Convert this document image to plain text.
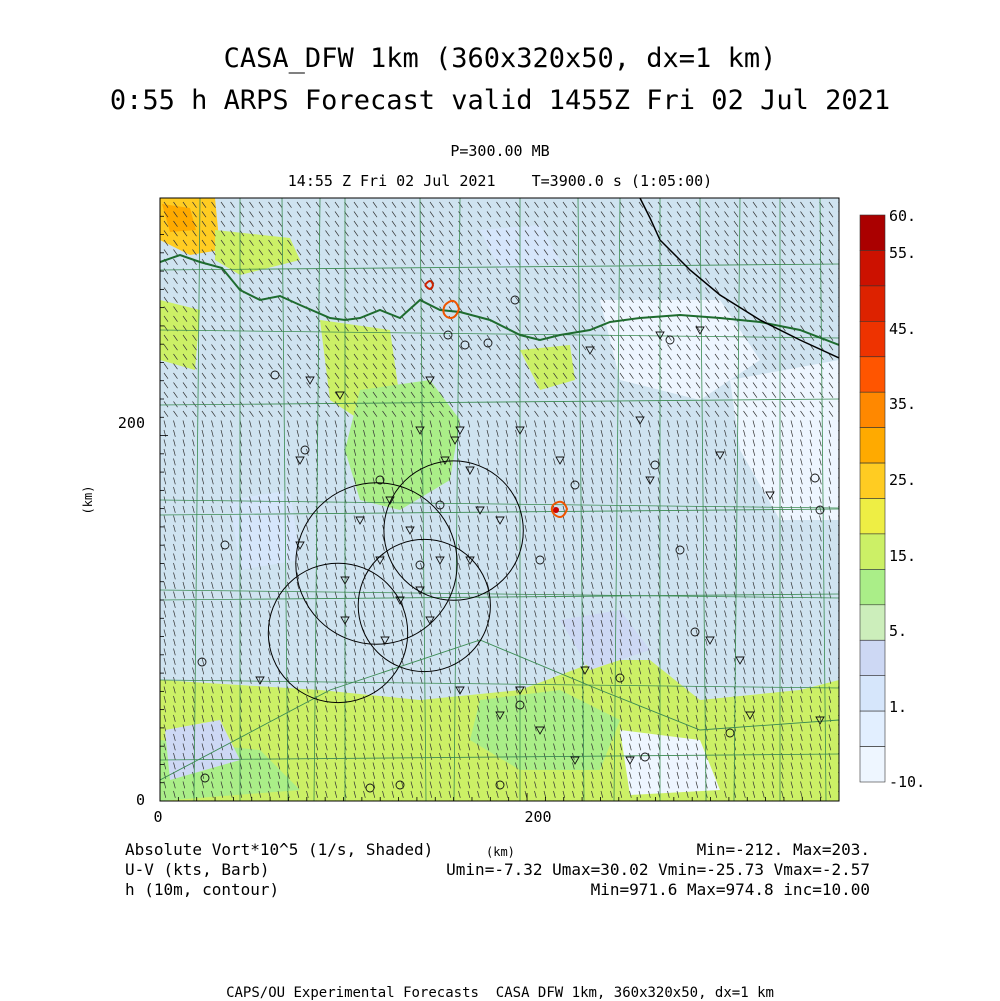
CASA_DFW 1km (360x320x50, dx=1 km)
0:55 h ARPS Forecast valid 1455Z Fri 02 Jul 2021
P=300.00 MB
14:55 Z Fri 02 Jul 2021    T=3900.0 s (1:05:00)
200
0
0	200
(km)
60.
55.
45.
35.
25.
15.
5.
1.
-10.
Absolute Vort*10^5 (1/s, Shaded)	(km)	Min=-212. Max=203.
U-V (kts, Barb)	Umin=-7.32 Umax=30.02 Vmin=-25.73 Vmax=-2.57
h (10m, contour)	Min=971.6 Max=974.8 inc=10.00
CAPS/OU Experimental Forecasts  CASA DFW 1km, 360x320x50, dx=1 km
